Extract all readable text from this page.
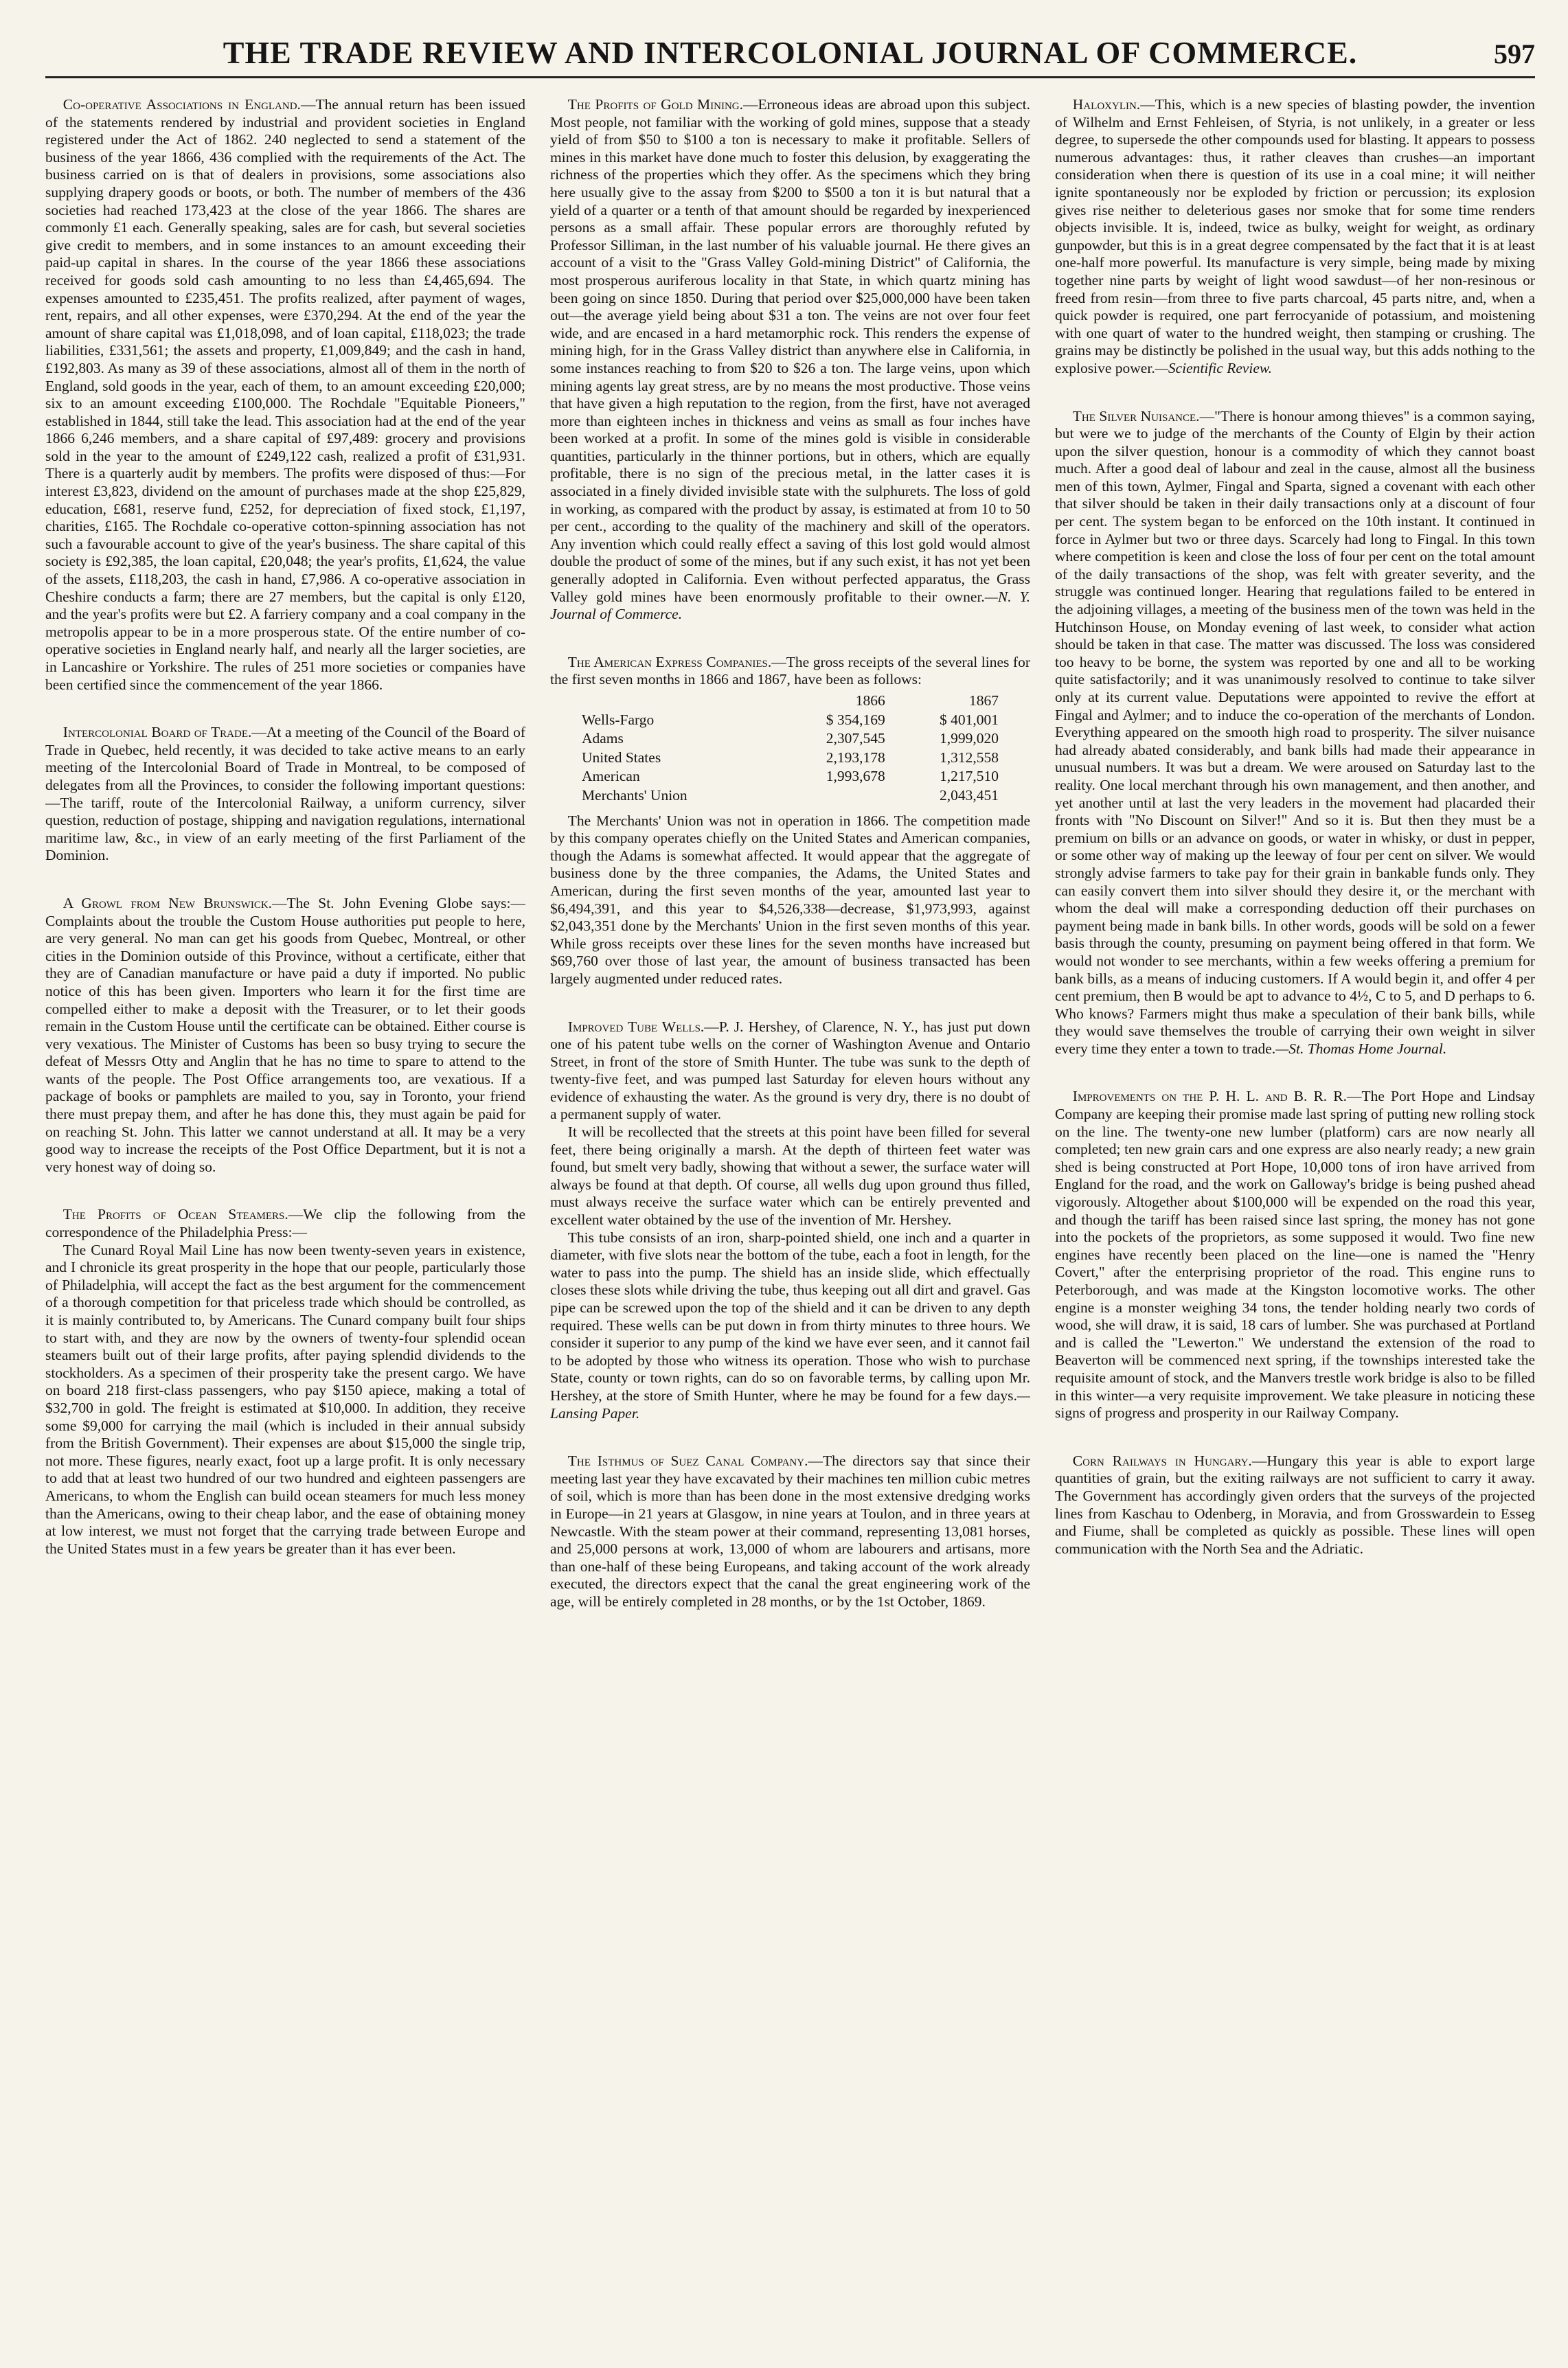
THE TRADE REVIEW AND INTERCOLONIAL JOURNAL OF COMMERCE.	597

Co-operative Associations in England.—The annual return has been issued of the statements rendered by industrial and provident societies in England registered under the Act of 1862. 240 neglected to send a statement of the business of the year 1866, 436 complied with the requirements of the Act. The business carried on is that of dealers in provisions, some associations also supplying drapery goods or boots, or both. The number of members of the 436 societies had reached 173,423 at the close of the year 1866. The shares are commonly £1 each. Generally speaking, sales are for cash, but several societies give credit to members, and in some instances to an amount exceeding their paid-up capital in shares. In the course of the year 1866 these associations received for goods sold cash amounting to no less than £4,465,694. The expenses amounted to £235,451. The profits realized, after payment of wages, rent, repairs, and all other expenses, were £370,294. At the end of the year the amount of share capital was £1,018,098, and of loan capital, £118,023; the trade liabilities, £331,561; the assets and property, £1,009,849; and the cash in hand, £192,803. As many as 39 of these associations, almost all of them in the north of England, sold goods in the year, each of them, to an amount exceeding £20,000; six to an amount exceeding £100,000. The Rochdale "Equitable Pioneers," established in 1844, still take the lead. This association had at the end of the year 1866 6,246 members, and a share capital of £97,489: grocery and provisions sold in the year to the amount of £249,122 cash, realized a profit of £31,931. There is a quarterly audit by members. The profits were disposed of thus:—For interest £3,823, dividend on the amount of purchases made at the shop £25,829, education, £681, reserve fund, £252, for depreciation of fixed stock, £1,197, charities, £165. The Rochdale co-operative cotton-spinning association has not such a favourable account to give of the year's business. The share capital of this society is £92,385, the loan capital, £20,048; the year's profits, £1,624, the value of the assets, £118,203, the cash in hand, £7,986. A co-operative association in Cheshire conducts a farm; there are 27 members, but the capital is only £120, and the year's profits were but £2. A farriery company and a coal company in the metropolis appear to be in a more prosperous state. Of the entire number of co-operative societies in England nearly half, and nearly all the larger societies, are in Lancashire or Yorkshire. The rules of 251 more societies or companies have been certified since the commencement of the year 1866.

Intercolonial Board of Trade.—At a meeting of the Council of the Board of Trade in Quebec, held recently, it was decided to take active means to an early meeting of the Intercolonial Board of Trade in Montreal, to be composed of delegates from all the Provinces, to consider the following important questions:—The tariff, route of the Intercolonial Railway, a uniform currency, silver question, reduction of postage, shipping and navigation regulations, international maritime law, &c., in view of an early meeting of the first Parliament of the Dominion.

A Growl from New Brunswick.—The St. John Evening Globe says:—Complaints about the trouble the Custom House authorities put people to here, are very general. No man can get his goods from Quebec, Montreal, or other cities in the Dominion outside of this Province, without a certificate, either that they are of Canadian manufacture or have paid a duty if imported. No public notice of this has been given. Importers who learn it for the first time are compelled either to make a deposit with the Treasurer, or to let their goods remain in the Custom House until the certificate can be obtained. Either course is very vexatious. The Minister of Customs has been so busy trying to secure the defeat of Messrs Otty and Anglin that he has no time to spare to attend to the wants of the people. The Post Office arrangements too, are vexatious. If a package of books or pamphlets are mailed to you, say in Toronto, your friend there must prepay them, and after he has done this, they must again be paid for on reaching St. John. This latter we cannot understand at all. It may be a very good way to increase the receipts of the Post Office Department, but it is not a very honest way of doing so.

The Profits of Ocean Steamers.—We clip the following from the correspondence of the Philadelphia Press:—

The Cunard Royal Mail Line has now been twenty-seven years in existence, and I chronicle its great prosperity in the hope that our people, particularly those of Philadelphia, will accept the fact as the best argument for the commencement of a thorough competition for that priceless trade which should be controlled, as it is mainly contributed to, by Americans. The Cunard company built four ships to start with, and they are now by the owners of twenty-four splendid ocean steamers built out of their large profits, after paying splendid dividends to the stockholders. As a specimen of their prosperity take the present cargo. We have on board 218 first-class passengers, who pay $150 apiece, making a total of $32,700 in gold. The freight is estimated at $10,000. In addition, they receive some $9,000 for carrying the mail (which is included in their annual subsidy from the British Government). Their expenses are about $15,000 the single trip, not more. These figures, nearly exact, foot up a large profit. It is only necessary to add that at least two hundred of our two hundred and eighteen passengers are Americans, to whom the English can build ocean steamers for much less money than the Americans, owing to their cheap labor, and the ease of obtaining money at low interest, we must not forget that the carrying trade between Europe and the United States must in a few years be greater than it has ever been.

The Profits of Gold Mining.—Erroneous ideas are abroad upon this subject. Most people, not familiar with the working of gold mines, suppose that a steady yield of from $50 to $100 a ton is necessary to make it profitable. Sellers of mines in this market have done much to foster this delusion, by exaggerating the richness of the properties which they offer. As the specimens which they bring here usually give to the assay from $200 to $500 a ton it is but natural that a yield of a quarter or a tenth of that amount should be regarded by inexperienced persons as a small affair. These popular errors are thoroughly refuted by Professor Silliman, in the last number of his valuable journal. He there gives an account of a visit to the "Grass Valley Gold-mining District" of California, the most prosperous auriferous locality in that State, in which quartz mining has been going on since 1850. During that period over $25,000,000 have been taken out—the average yield being about $31 a ton. The veins are not over four feet wide, and are encased in a hard metamorphic rock. This renders the expense of mining high, for in the Grass Valley district than anywhere else in California, in some instances reaching to from $20 to $26 a ton. The large veins, upon which mining agents lay great stress, are by no means the most productive. Those veins that have given a high reputation to the region, from the first, have not averaged more than eighteen inches in thickness and veins as small as four inches have been worked at a profit. In some of the mines gold is visible in considerable quantities, particularly in the thinner portions, but in others, which are equally profitable, there is no sign of the precious metal, in the latter cases it is associated in a finely divided invisible state with the sulphurets. The loss of gold in working, as compared with the product by assay, is estimated at from 10 to 50 per cent., according to the quality of the machinery and skill of the operators. Any invention which could really effect a saving of this lost gold would almost double the product of some of the mines, but if any such exist, it has not yet been generally adopted in California. Even without perfected apparatus, the Grass Valley gold mines have been enormously profitable to their owner.—N. Y. Journal of Commerce.

The American Express Companies.—The gross receipts of the several lines for the first seven months in 1866 and 1867, have been as follows:

	1866	1867
Wells-Fargo	$ 354,169	$ 401,001
Adams	2,307,545	1,999,020
United States	2,193,178	1,312,558
American	1,993,678	1,217,510
Merchants' Union		2,043,451

The Merchants' Union was not in operation in 1866. The competition made by this company operates chiefly on the United States and American companies, though the Adams is somewhat affected. It would appear that the aggregate of business done by the three companies, the Adams, the United States and American, during the first seven months of the year, amounted last year to $6,494,391, and this year to $4,526,338—decrease, $1,973,993, against $2,043,351 done by the Merchants' Union in the first seven months of this year. While gross receipts over these lines for the seven months have increased but $69,760 over those of last year, the amount of business transacted has been largely augmented under reduced rates.

Improved Tube Wells.—P. J. Hershey, of Clarence, N. Y., has just put down one of his patent tube wells on the corner of Washington Avenue and Ontario Street, in front of the store of Smith Hunter. The tube was sunk to the depth of twenty-five feet, and was pumped last Saturday for eleven hours without any evidence of exhausting the water. As the ground is very dry, there is no doubt of a permanent supply of water.

It will be recollected that the streets at this point have been filled for several feet, there being originally a marsh. At the depth of thirteen feet water was found, but smelt very badly, showing that without a sewer, the surface water will always be found at that depth. Of course, all wells dug upon ground thus filled, must always receive the surface water which can be entirely prevented and excellent water obtained by the use of the invention of Mr. Hershey.

This tube consists of an iron, sharp-pointed shield, one inch and a quarter in diameter, with five slots near the bottom of the tube, each a foot in length, for the water to pass into the pump. The shield has an inside slide, which effectually closes these slots while driving the tube, thus keeping out all dirt and gravel. Gas pipe can be screwed upon the top of the shield and it can be driven to any depth required. These wells can be put down in from thirty minutes to three hours. We consider it superior to any pump of the kind we have ever seen, and it cannot fail to be adopted by those who witness its operation. Those who wish to purchase State, county or town rights, can do so on favorable terms, by calling upon Mr. Hershey, at the store of Smith Hunter, where he may be found for a few days.—Lansing Paper.

The Isthmus of Suez Canal Company.—The directors say that since their meeting last year they have excavated by their machines ten million cubic metres of soil, which is more than has been done in the most extensive dredging works in Europe—in 21 years at Glasgow, in nine years at Toulon, and in three years at Newcastle. With the steam power at their command, representing 13,081 horses, and 25,000 persons at work, 13,000 of whom are labourers and artisans, more than one-half of these being Europeans, and taking account of the work already executed, the directors expect that the canal the great engineering work of the age, will be entirely completed in 28 months, or by the 1st October, 1869.

Haloxylin.—This, which is a new species of blasting powder, the invention of Wilhelm and Ernst Fehleisen, of Styria, is not unlikely, in a greater or less degree, to supersede the other compounds used for blasting. It appears to possess numerous advantages: thus, it rather cleaves than crushes—an important consideration when there is question of its use in a coal mine; it will neither ignite spontaneously nor be exploded by friction or percussion; its explosion gives rise neither to deleterious gases nor smoke that for some time renders objects invisible. It is, indeed, twice as bulky, weight for weight, as ordinary gunpowder, but this is in a great degree compensated by the fact that it is at least one-half more powerful. Its manufacture is very simple, being made by mixing together nine parts by weight of light wood sawdust—of her non-resinous or freed from resin—from three to five parts charcoal, 45 parts nitre, and, when a quick powder is required, one part ferrocyanide of potassium, and moistening with one quart of water to the hundred weight, then stamping or crushing. The grains may be distinctly be polished in the usual way, but this adds nothing to the explosive power.—Scientific Review.

The Silver Nuisance.—"There is honour among thieves" is a common saying, but were we to judge of the merchants of the County of Elgin by their action upon the silver question, honour is a commodity of which they cannot boast much. After a good deal of labour and zeal in the cause, almost all the business men of this town, Aylmer, Fingal and Sparta, signed a covenant with each other that silver should be taken in their daily transactions only at a discount of four per cent. The system began to be enforced on the 10th instant. It continued in force in Aylmer but two or three days. Scarcely had long to Fingal. In this town where competition is keen and close the loss of four per cent on the total amount of the daily transactions of the shop, was felt with greater severity, and the struggle was continued longer. Hearing that regulations failed to be entered in the adjoining villages, a meeting of the business men of the town was held in the Hutchinson House, on Monday evening of last week, to consider what action should be taken in that case. The matter was discussed. The loss was considered too heavy to be borne, the system was reported by one and all to be working quite satisfactorily; and it was unanimously resolved to continue to take silver only at its current value. Deputations were appointed to revive the effort at Fingal and Aylmer; and to induce the co-operation of the merchants of London. Everything appeared on the smooth high road to prosperity. The silver nuisance had already abated considerably, and bank bills had made their appearance in unusual numbers. It was but a dream. We were aroused on Saturday last to the reality. One local merchant through his own management, and then another, and yet another until at last the very leaders in the movement had placarded their fronts with "No Discount on Silver!" And so it is. But then they must be a premium on bills or an advance on goods, or water in whisky, or dust in pepper, or some other way of making up the leeway of four per cent on silver. We would strongly advise farmers to take pay for their grain in bankable funds only. They can easily convert them into silver should they desire it, or the merchant with whom the deal will make a corresponding deduction off their purchases on payment being made in bank bills. In other words, goods will be sold on a fewer basis through the county, presuming on payment being offered in that form. We would not wonder to see merchants, within a few weeks offering a premium for bank bills, as a means of inducing customers. If A would begin it, and offer 4 per cent premium, then B would be apt to advance to 4½, C to 5, and D perhaps to 6. Who knows? Farmers might thus make a speculation of their bank bills, while they would save themselves the trouble of carrying their own weight in silver every time they enter a town to trade.—St. Thomas Home Journal.

Improvements on the P. H. L. and B. R. R.—The Port Hope and Lindsay Company are keeping their promise made last spring of putting new rolling stock on the line. The twenty-one new lumber (platform) cars are now nearly all completed; ten new grain cars and one express are also nearly ready; a new grain shed is being constructed at Port Hope, 10,000 tons of iron have arrived from England for the road, and the work on Galloway's bridge is being pushed ahead vigorously. Altogether about $100,000 will be expended on the road this year, and though the tariff has been raised since last spring, the money has not gone into the pockets of the proprietors, as some supposed it would. Two fine new engines have recently been placed on the line—one is named the "Henry Covert," after the enterprising proprietor of the road. This engine runs to Peterborough, and was made at the Kingston locomotive works. The other engine is a monster weighing 34 tons, the tender holding nearly two cords of wood, she will draw, it is said, 18 cars of lumber. She was purchased at Portland and is called the "Lewerton." We understand the extension of the road to Beaverton will be commenced next spring, if the townships interested take the requisite amount of stock, and the Manvers trestle work bridge is also to be filled in this winter—a very requisite improvement. We take pleasure in noticing these signs of progress and prosperity in our Railway Company.

Corn Railways in Hungary.—Hungary this year is able to export large quantities of grain, but the exiting railways are not sufficient to carry it away. The Government has accordingly given orders that the surveys of the projected lines from Kaschau to Odenberg, in Moravia, and from Grosswardein to Esseg and Fiume, shall be completed as quickly as possible. These lines will open communication with the North Sea and the Adriatic.
